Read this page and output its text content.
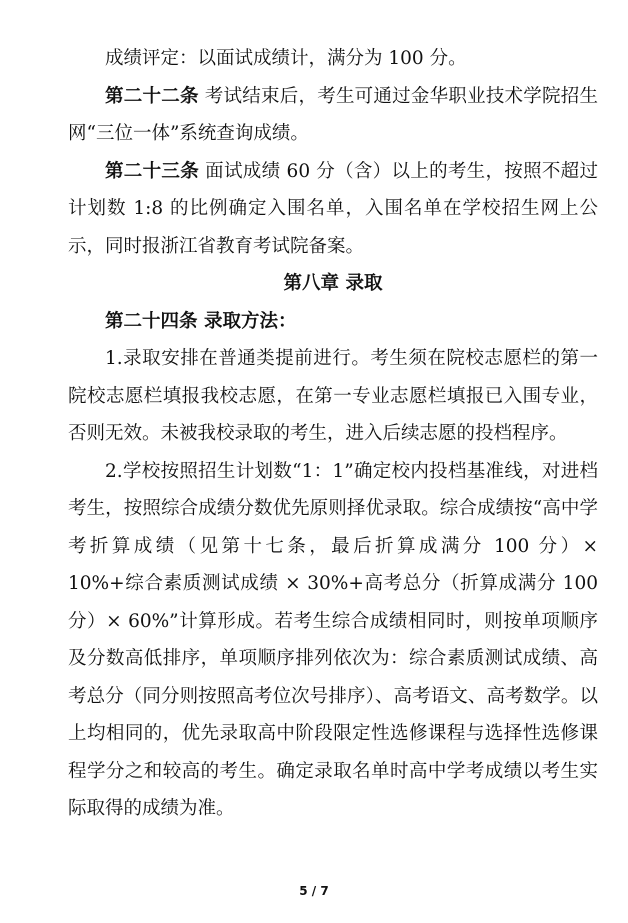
成绩评定：以面试成绩计，满分为 100 分。

第二十二条 考试结束后，考生可通过金华职业技术学院招生网“三位一体”系统查询成绩。

第二十三条 面试成绩 60 分（含）以上的考生，按照不超过计划数 1:8 的比例确定入围名单，入围名单在学校招生网上公示，同时报浙江省教育考试院备案。

第八章 录取

第二十四条 录取方法：

1.录取安排在普通类提前进行。考生须在院校志愿栏的第一院校志愿栏填报我校志愿，在第一专业志愿栏填报已入围专业，否则无效。未被我校录取的考生，进入后续志愿的投档程序。

2.学校按照招生计划数“1：1”确定校内投档基准线，对进档考生，按照综合成绩分数优先原则择优录取。综合成绩按“高中学考折算成绩（见第十七条，最后折算成满分 100 分）× 10%+综合素质测试成绩 × 30%+高考总分（折算成满分 100 分）× 60%”计算形成。若考生综合成绩相同时，则按单项顺序及分数高低排序，单项顺序排列依次为：综合素质测试成绩、高考总分（同分则按照高考位次号排序）、高考语文、高考数学。以上均相同的，优先录取高中阶段限定性选修课程与选择性选修课程学分之和较高的考生。确定录取名单时高中学考成绩以考生实际取得的成绩为准。

5 / 7
